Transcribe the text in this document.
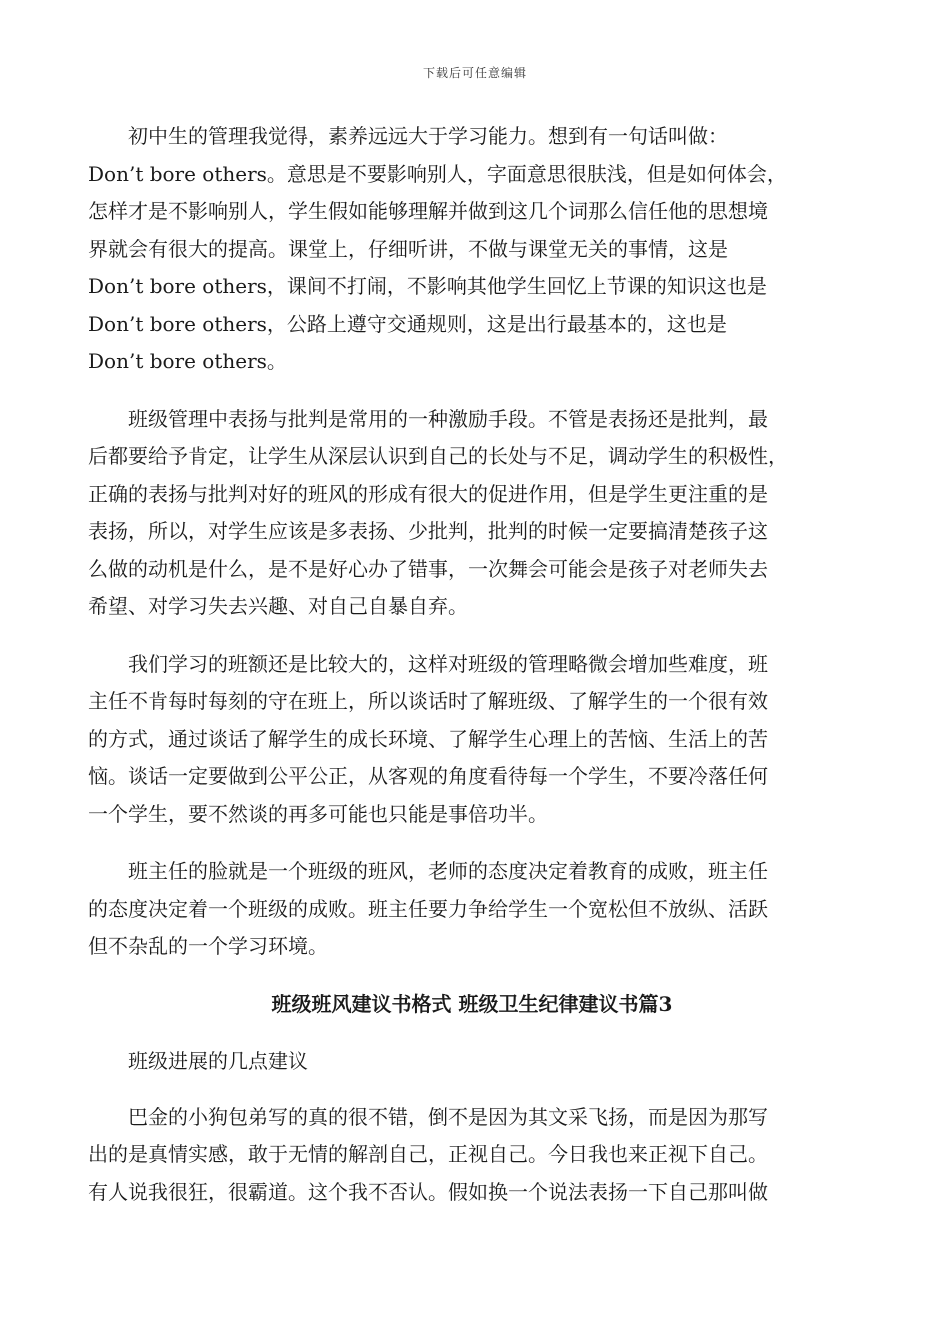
下载后可任意编辑
初中生的管理我觉得，素养远远大于学习能力。想到有一句话叫做：
Don’t bore others。意思是不要影响别人，字面意思很肤浅，但是如何体会，
怎样才是不影响别人，学生假如能够理解并做到这几个词那么信任他的思想境
界就会有很大的提高。课堂上，仔细听讲，不做与课堂无关的事情，这是
Don’t bore others，课间不打闹，不影响其他学生回忆上节课的知识这也是
Don’t bore others，公路上遵守交通规则，这是出行最基本的，这也是
Don’t bore others。
班级管理中表扬与批判是常用的一种激励手段。不管是表扬还是批判，最
后都要给予肯定，让学生从深层认识到自己的长处与不足，调动学生的积极性，
正确的表扬与批判对好的班风的形成有很大的促进作用，但是学生更注重的是
表扬，所以，对学生应该是多表扬、少批判，批判的时候一定要搞清楚孩子这
么做的动机是什么，是不是好心办了错事，一次舞会可能会是孩子对老师失去
希望、对学习失去兴趣、对自己自暴自弃。
我们学习的班额还是比较大的，这样对班级的管理略微会增加些难度，班
主任不肯每时每刻的守在班上，所以谈话时了解班级、了解学生的一个很有效
的方式，通过谈话了解学生的成长环境、了解学生心理上的苦恼、生活上的苦
恼。谈话一定要做到公平公正，从客观的角度看待每一个学生，不要冷落任何
一个学生，要不然谈的再多可能也只能是事倍功半。
班主任的脸就是一个班级的班风，老师的态度决定着教育的成败，班主任
的态度决定着一个班级的成败。班主任要力争给学生一个宽松但不放纵、活跃
但不杂乱的一个学习环境。
班级班风建议书格式 班级卫生纪律建议书篇3
班级进展的几点建议
巴金的小狗包弟写的真的很不错，倒不是因为其文采飞扬，而是因为那写
出的是真情实感，敢于无情的解剖自己，正视自己。今日我也来正视下自己。
有人说我很狂，很霸道。这个我不否认。假如换一个说法表扬一下自己那叫做
